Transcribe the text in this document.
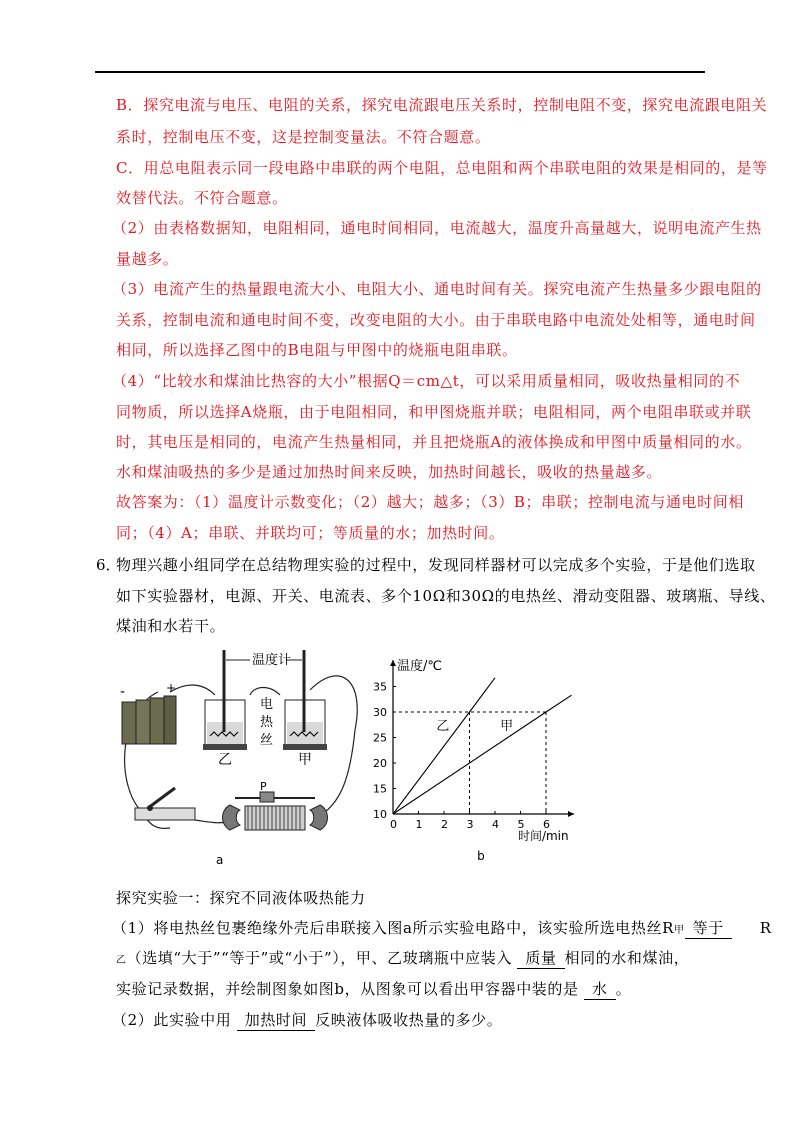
B．探究电流与电压、电阻的关系，探究电流跟电压关系时，控制电阻不变，探究电流跟电阻关
系时，控制电压不变，这是控制变量法。不符合题意。
C．用总电阻表示同一段电路中串联的两个电阻，总电阻和两个串联电阻的效果是相同的，是等
效替代法。不符合题意。
（2）由表格数据知，电阻相同，通电时间相同，电流越大，温度升高量越大，说明电流产生热
量越多。
（3）电流产生的热量跟电流大小、电阻大小、通电时间有关。探究电流产生热量多少跟电阻的
关系，控制电流和通电时间不变，改变电阻的大小。由于串联电路中电流处处相等，通电时间
相同，所以选择乙图中的B电阻与甲图中的烧瓶电阻串联。
（4）“比较水和煤油比热容的大小”根据Q＝cm△t，可以采用质量相同，吸收热量相同的不
同物质，所以选择A烧瓶，由于电阻相同，和甲图烧瓶并联；电阻相同，两个电阻串联或并联
时，其电压是相同的，电流产生热量相同，并且把烧瓶A的液体换成和甲图中质量相同的水。
水和煤油吸热的多少是通过加热时间来反映，加热时间越长，吸收的热量越多。
故答案为：（1）温度计示数变化；（2）越大；越多；（3）B；串联；控制电流与通电时间相
同；（4）A；串联、并联均可；等质量的水；加热时间。
6．
物理兴趣小组同学在总结物理实验的过程中，发现同样器材可以完成多个实验，于是他们选取
如下实验器材，电源、开关、电流表、多个10Ω和30Ω的电热丝、滑动变阻器、玻璃瓶、导线、
煤油和水若干。
-	+
温度计
电
热
丝
乙	甲
P
a
0 1 2 3 4 5 6
10
15
20
25
30
35
乙	甲
温度/℃
时间/min
b
探究实验一：探究不同液体吸热能力
（1）将电热丝包裹绝缘外壳后串联接入图a所示实验电路中，该实验所选电热丝R甲 等于 R
乙（选填“大于”“等于”或“小于”），甲、乙玻璃瓶中应装入 质量 相同的水和煤油，
实验记录数据，并绘制图象如图b，从图象可以看出甲容器中装的是 水 。
（2）此实验中用 加热时间 反映液体吸收热量的多少。
